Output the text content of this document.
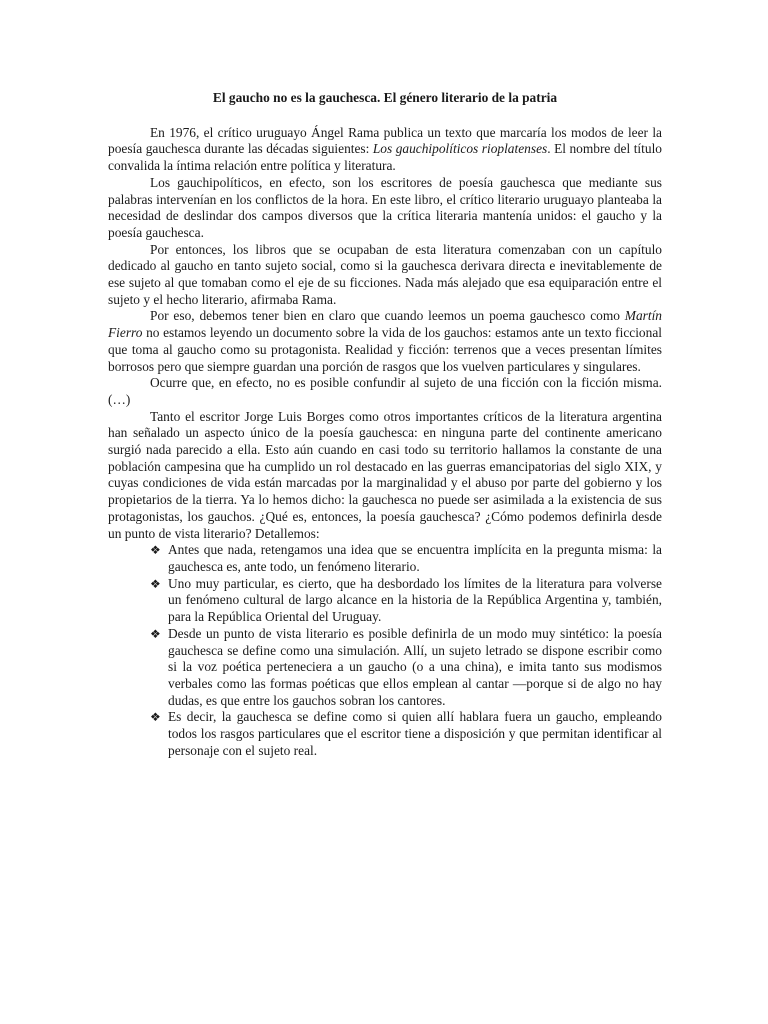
El gaucho no es la gauchesca. El género literario de la patria

En 1976, el crítico uruguayo Ángel Rama publica un texto que marcaría los modos de leer la poesía gauchesca durante las décadas siguientes: Los gauchipolíticos rioplatenses. El nombre del título convalida la íntima relación entre política y literatura.

Los gauchipolíticos, en efecto, son los escritores de poesía gauchesca que mediante sus palabras intervenían en los conflictos de la hora. En este libro, el crítico literario uruguayo planteaba la necesidad de deslindar dos campos diversos que la crítica literaria mantenía unidos: el gaucho y la poesía gauchesca.

Por entonces, los libros que se ocupaban de esta literatura comenzaban con un capítulo dedicado al gaucho en tanto sujeto social, como si la gauchesca derivara directa e inevitablemente de ese sujeto al que tomaban como el eje de su ficciones. Nada más alejado que esa equiparación entre el sujeto y el hecho literario, afirmaba Rama.

Por eso, debemos tener bien en claro que cuando leemos un poema gauchesco como Martín Fierro no estamos leyendo un documento sobre la vida de los gauchos: estamos ante un texto ficcional que toma al gaucho como su protagonista. Realidad y ficción: terrenos que a veces presentan límites borrosos pero que siempre guardan una porción de rasgos que los vuelven particulares y singulares.

Ocurre que, en efecto, no es posible confundir al sujeto de una ficción con la ficción misma. (…)

Tanto el escritor Jorge Luis Borges como otros importantes críticos de la literatura argentina han señalado un aspecto único de la poesía gauchesca: en ninguna parte del continente americano surgió nada parecido a ella. Esto aún cuando en casi todo su territorio hallamos la constante de una población campesina que ha cumplido un rol destacado en las guerras emancipatorias del siglo XIX, y cuyas condiciones de vida están marcadas por la marginalidad y el abuso por parte del gobierno y los propietarios de la tierra. Ya lo hemos dicho: la gauchesca no puede ser asimilada a la existencia de sus protagonistas, los gauchos. ¿Qué es, entonces, la poesía gauchesca? ¿Cómo podemos definirla desde un punto de vista literario? Detallemos:

❖ Antes que nada, retengamos una idea que se encuentra implícita en la pregunta misma: la gauchesca es, ante todo, un fenómeno literario.
❖ Uno muy particular, es cierto, que ha desbordado los límites de la literatura para volverse un fenómeno cultural de largo alcance en la historia de la República Argentina y, también, para la República Oriental del Uruguay.
❖ Desde un punto de vista literario es posible definirla de un modo muy sintético: la poesía gauchesca se define como una simulación. Allí, un sujeto letrado se dispone escribir como si la voz poética perteneciera a un gaucho (o a una china), e imita tanto sus modismos verbales como las formas poéticas que ellos emplean al cantar —porque si de algo no hay dudas, es que entre los gauchos sobran los cantores.
❖ Es decir, la gauchesca se define como si quien allí hablara fuera un gaucho, empleando todos los rasgos particulares que el escritor tiene a disposición y que permitan identificar al personaje con el sujeto real.
